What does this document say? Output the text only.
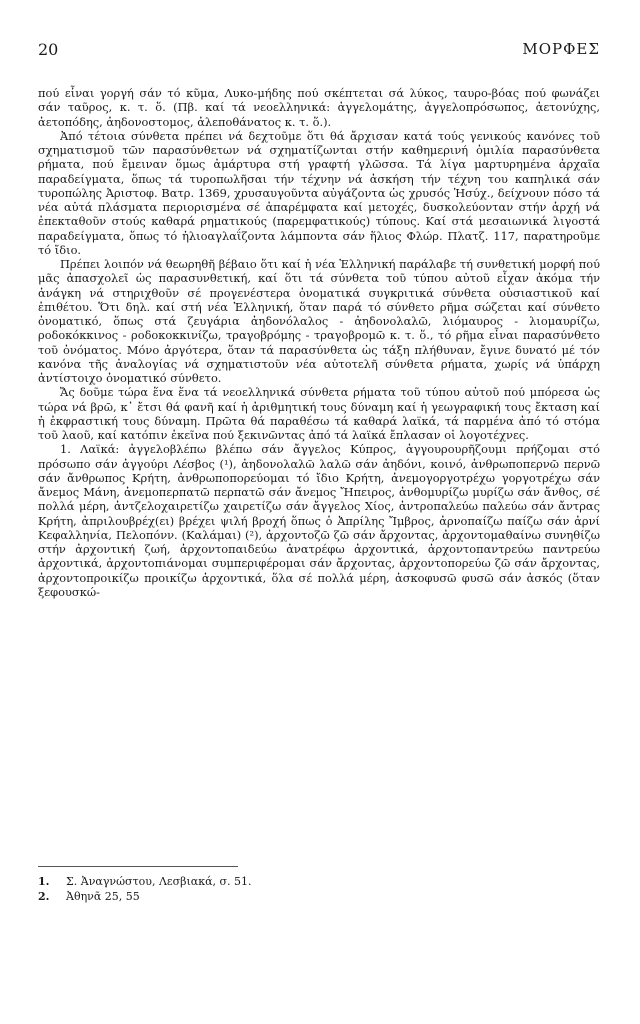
20	ΜΟΡΦΕΣ

πού εἶναι γοργή σάν τό κῦμα, Λυκο-μήδης πού σκέπτεται σά λύκος, ταυρο-βόας πού φωνάζει σάν ταῦρος, κ. τ. ὅ. (Πβ. καί τά νεοελληνικά: ἀγγελομάτης, ἀγγελοπρόσωπος, ἀετονύχης, ἀετοπόδης, ἀηδονοστομος, ἀλεποθάνατος κ. τ. ὅ.).

Ἀπό τέτοια σύνθετα πρέπει νά δεχτοῦμε ὅτι θά ἄρχισαν κατά τούς γενικούς κανόνες τοῦ σχηματισμοῦ τῶν παρασύνθετων νά σχηματίζωνται στήν καθημερινή ὁμιλία παρασύνθετα ρήματα, πού ἔμειναν ὅμως ἀμάρτυρα στή γραφτή γλῶσσα. Τά λίγα μαρτυρημένα ἀρχαῖα παραδείγματα, ὅπως τά τυροπωλῆσαι τήν τέχνην νά ἀσκήση τήν τέχνη του καπηλικά σάν τυροπώλης Ἀριστοφ. Βατρ. 1369, χρυσαυγοῦντα αὐγάζοντα ὡς χρυσός Ἡσύχ., δείχνουν πόσο τά νέα αὐτά πλάσματα περιορισμένα σέ ἀπαρέμφατα καί μετοχές, δυσκολεύονταν στήν ἀρχή νά ἐπεκταθοῦν στούς καθαρά ρηματικούς (παρεμφατικούς) τύπους. Καί στά μεσαιωνικά λιγοστά παραδείγματα, ὅπως τό ἡλιοαγλαΐζοντα λάμποντα σάν ἥλιος Φλώρ. Πλατζ. 117, παρατηροῦμε τό ἴδιο.

Πρέπει λοιπόν νά θεωρηθῆ βέβαιο ὅτι καί ἡ νέα Ἑλληνική παράλαβε τή συνθετική μορφή πού μᾶς ἀπασχολεῖ ὡς παρασυνθετική, καί ὅτι τά σύνθετα τοῦ τύπου αὐτοῦ εἶχαν ἀκόμα τήν ἀνάγκη νά στηριχθοῦν σέ προγενέστερα ὀνοματικά συγκριτικά σύνθετα οὐσιαστικοῦ καί ἐπιθέτου. Ὅτι δηλ. καί στή νέα Ἑλληνική, ὅταν παρά τό σύνθετο ρῆμα σώζεται καί σύνθετο ὀνοματικό, ὅπως στά ζευγάρια ἀηδονόλαλος - ἀηδονολαλῶ, λιόμαυρος - λιομαυρίζω, ροδοκόκκινος - ροδοκοκκινίζω, τραγοβρόμης - τραγοβρομῶ κ. τ. ὅ., τό ρῆμα εἶναι παρασύνθετο τοῦ ὀνόματος. Μόνο ἀργότερα, ὅταν τά παρασύνθετα ὡς τάξη πλήθυναν, ἔγινε δυνατό μέ τόν κανόνα τῆς ἀναλογίας νά σχηματιστοῦν νέα αὐτοτελῆ σύνθετα ρήματα, χωρίς νά ὑπάρχη ἀντίστοιχο ὀνοματικό σύνθετο.

Ἄς δοῦμε τώρα ἕνα ἕνα τά νεοελληνικά σύνθετα ρήματα τοῦ τύπου αὐτοῦ πού μπόρεσα ὡς τώρα νά βρῶ, κ᾿ ἔτσι θά φανῆ καί ἡ ἀριθμητική τους δύναμη καί ἡ γεωγραφική τους ἔκταση καί ἡ ἐκφραστική τους δύναμη. Πρῶτα θά παραθέσω τά καθαρά λαϊκά, τά παρμένα ἀπό τό στόμα τοῦ λαοῦ, καί κατόπιν ἐκεῖνα πού ξεκινῶντας ἀπό τά λαϊκά ἔπλασαν οἱ λογοτέχνες.

1. Λαϊκά: ἀγγελοβλέπω βλέπω σάν ἄγγελος Κύπρος, ἀγγουρουρῆζουμι πρήζομαι στό πρόσωπο σάν ἀγγούρι Λέσβος (¹), ἀηδονολαλῶ λαλῶ σάν ἀηδόνι, κοινό, ἀνθρωποπερνῶ περνῶ σάν ἄνθρωπος Κρήτη, ἀνθρωποπορεύομαι τό ἴδιο Κρήτη, ἀνεμογοργοτρέχω γοργοτρέχω σάν ἄνεμος Μάνη, ἀνεμοπερπατῶ περπατῶ σάν ἄνεμος Ἤπειρος, ἀνθομυρίζω μυρίζω σάν ἄνθος, σέ πολλά μέρη, ἀντζελοχαιρετίζω χαιρετίζω σάν ἄγγελος Χίος, ἀντροπαλεύω παλεύω σάν ἄντρας Κρήτη, ἀπριλουβρέχ(ει) βρέχει ψιλή βροχή ὅπως ὁ Ἀπρίλης Ἴμβρος, ἀρνοπαίζω παίζω σάν ἀρνί Κεφαλληνία, Πελοπόνν. (Καλάμαι) (²), ἀρχοντοζῶ ζῶ σάν ἄρχοντας, ἀρχοντομαθαίνω συνηθίζω στήν ἀρχοντική ζωή, ἀρχοντοπαιδεύω ἀνατρέφω ἀρχοντικά, ἀρχοντοπαντρεύω παντρεύω ἀρχοντικά, ἀρχοντοπιάνομαι συμπεριφέρομαι σάν ἄρχοντας, ἀρχοντοπορεύω ζῶ σάν ἄρχοντας, ἀρχοντοπροικίζω προικίζω ἀρχοντικά, ὅλα σέ πολλά μέρη, ἀσκοφυσῶ φυσῶ σάν ἀσκός (ὅταν ξεφουσκώ-

1. Σ. Ἀναγνώστου, Λεσβιακά, σ. 51.
2. Ἀθηνᾶ 25, 55
